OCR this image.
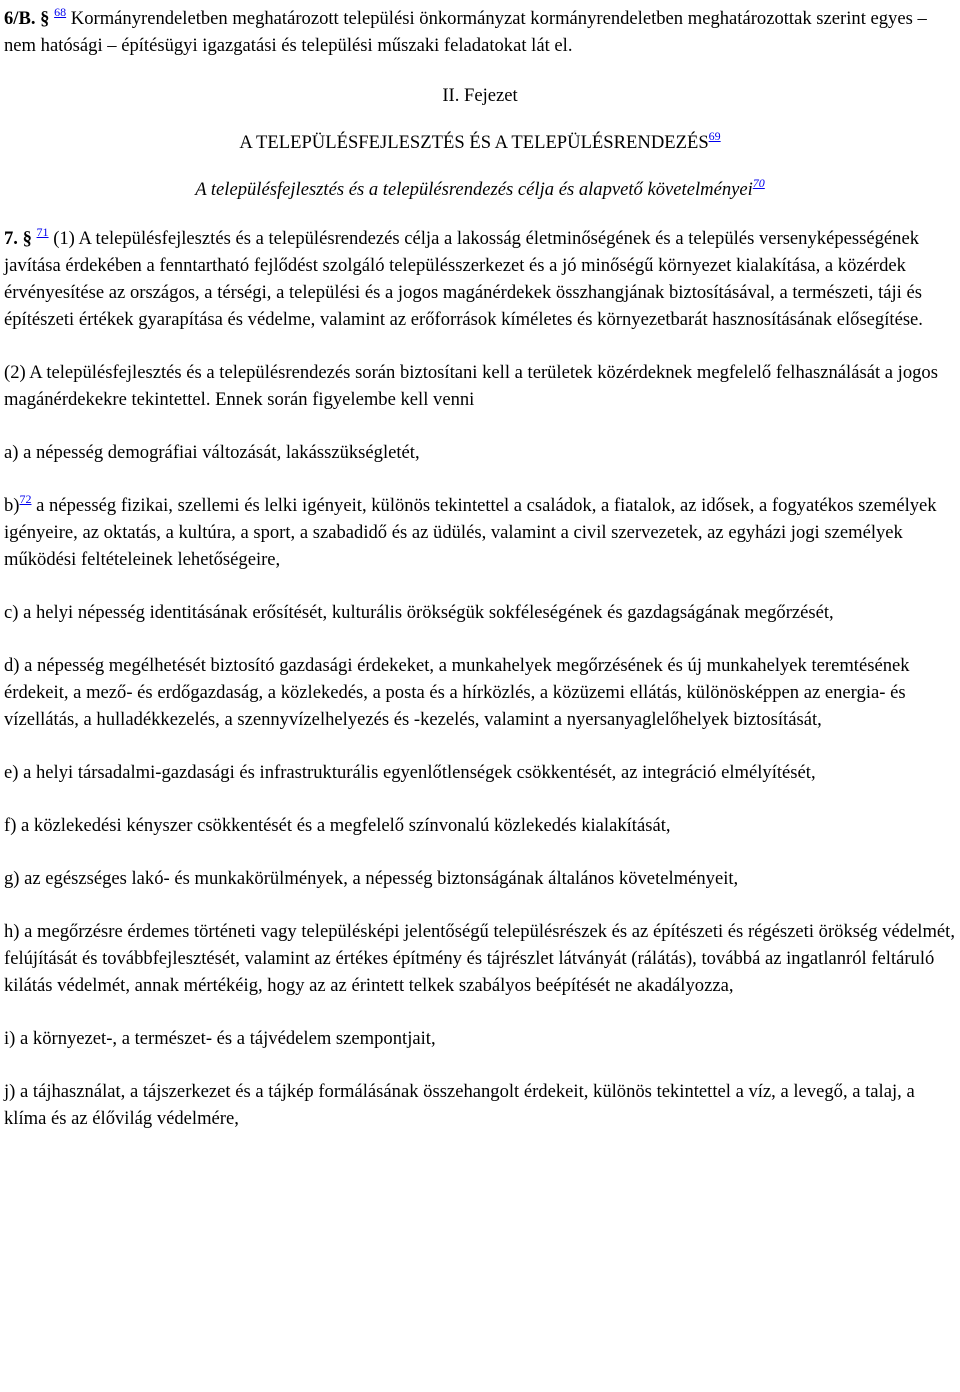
6/B. § $^{68}$ Kormányrendeletben meghatározott települési önkormányzat kormányrendeletben meghatározottak szerint egyes – nem hatósági – építésügyi igazgatási és települési műszaki feladatokat lát el.

II. Fejezet

A TELEPÜLÉSFEJLESZTÉS ÉS A TELEPÜLÉSRENDEZÉS$^{69}$

A településfejlesztés és a településrendezés célja és alapvető követelményei$^{70}$

7. § $^{71}$ (1) A településfejlesztés és a településrendezés célja a lakosság életminőségének és a település versenyképességének javítása érdekében a fenntartható fejlődést szolgáló településszerkezet és a jó minőségű környezet kialakítása, a közérdek érvényesítése az országos, a térségi, a települési és a jogos magánérdekek összhangjának biztosításával, a természeti, táji és építészeti értékek gyarapítása és védelme, valamint az erőforrások kíméletes és környezetbarát hasznosításának elősegítése.

(2) A településfejlesztés és a településrendezés során biztosítani kell a területek közérdeknek megfelelő felhasználását a jogos magánérdekekre tekintettel. Ennek során figyelembe kell venni

a) a népesség demográfiai változását, lakásszükségletét,

b)$^{72}$ a népesség fizikai, szellemi és lelki igényeit, különös tekintettel a családok, a fiatalok, az idősek, a fogyatékos személyek igényeire, az oktatás, a kultúra, a sport, a szabadidő és az üdülés, valamint a civil szervezetek, az egyházi jogi személyek működési feltételeinek lehetőségeire,

c) a helyi népesség identitásának erősítését, kulturális örökségük sokféleségének és gazdagságának megőrzését,

d) a népesség megélhetését biztosító gazdasági érdekeket, a munkahelyek megőrzésének és új munkahelyek teremtésének érdekeit, a mező- és erdőgazdaság, a közlekedés, a posta és a hírközlés, a közüzemi ellátás, különösképpen az energia- és vízellátás, a hulladékkezelés, a szennyvízelhelyezés és -kezelés, valamint a nyersanyaglelőhelyek biztosítását,

e) a helyi társadalmi-gazdasági és infrastrukturális egyenlőtlenségek csökkentését, az integráció elmélyítését,

f) a közlekedési kényszer csökkentését és a megfelelő színvonalú közlekedés kialakítását,

g) az egészséges lakó- és munkakörülmények, a népesség biztonságának általános követelményeit,

h) a megőrzésre érdemes történeti vagy településképi jelentőségű településrészek és az építészeti és régészeti örökség védelmét, felújítását és továbbfejlesztését, valamint az értékes építmény és tájrészlet látványát (rálátás), továbbá az ingatlanról feltáruló kilátás védelmét, annak mértékéig, hogy az az érintett telkek szabályos beépítését ne akadályozza,

i) a környezet-, a természet- és a tájvédelem szempontjait,

j) a tájhasználat, a tájszerkezet és a tájkép formálásának összehangolt érdekeit, különös tekintettel a víz, a levegő, a talaj, a klíma és az élővilág védelmére,
